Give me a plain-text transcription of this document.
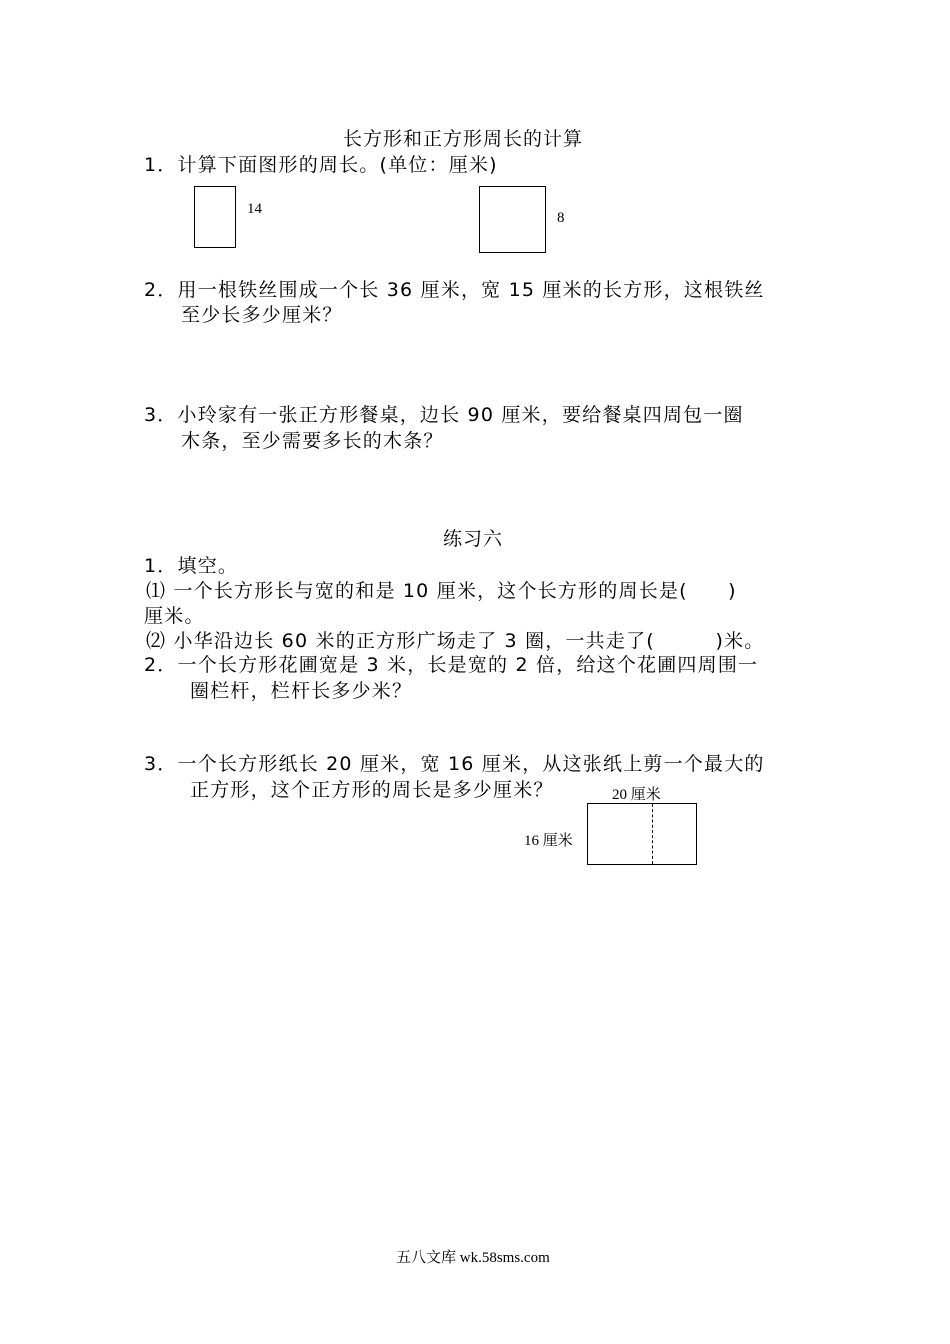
长方形和正方形周长的计算
1．计算下面图形的周长。(单位：厘米)
14
8
2．用一根铁丝围成一个长 36 厘米，宽 15 厘米的长方形，这根铁丝
至少长多少厘米？
3．小玲家有一张正方形餐桌，边长 90 厘米，要给餐桌四周包一圈
木条，至少需要多长的木条？
练习六
1．填空。
⑴ 一个长方形长与宽的和是 10 厘米，这个长方形的周长是(　　)
厘米。
⑵ 小华沿边长 60 米的正方形广场走了 3 圈，一共走了(　　　)米。
2．一个长方形花圃宽是 3 米，长是宽的 2 倍，给这个花圃四周围一
圈栏杆，栏杆长多少米？
3．一个长方形纸长 20 厘米，宽 16 厘米，从这张纸上剪一个最大的
正方形，这个正方形的周长是多少厘米？	20 厘米
16 厘米
五八文库 wk.58sms.com
